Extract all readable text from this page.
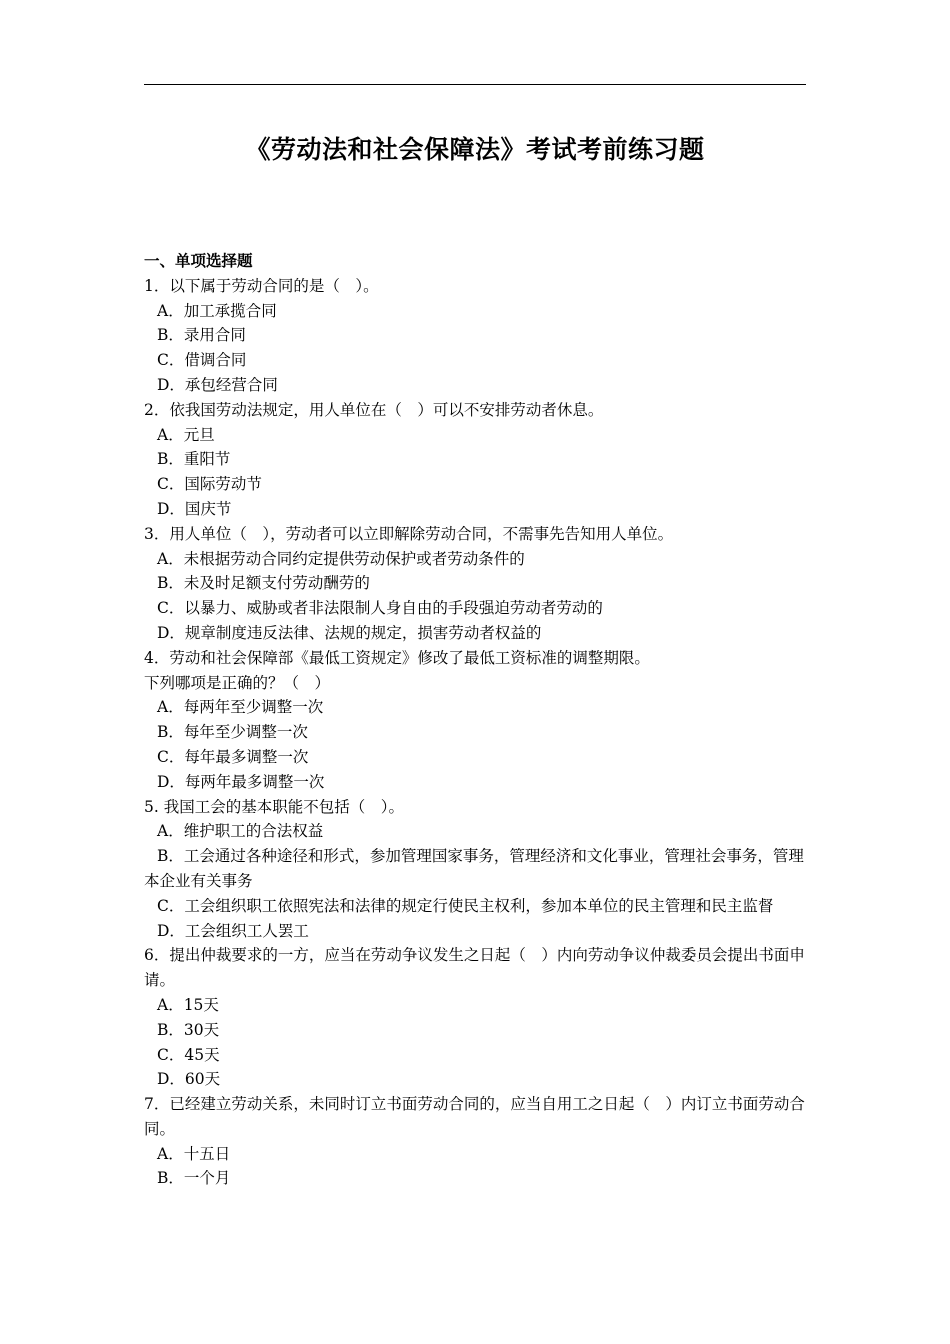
《劳动法和社会保障法》考试考前练习题
一、单项选择题
1．以下属于劳动合同的是（　）。
A．加工承揽合同
B．录用合同
C．借调合同
D．承包经营合同
2．依我国劳动法规定，用人单位在（　）可以不安排劳动者休息。
A．元旦
B．重阳节
C．国际劳动节
D．国庆节
3．用人单位（　），劳动者可以立即解除劳动合同，不需事先告知用人单位。
A．未根据劳动合同约定提供劳动保护或者劳动条件的
B．未及时足额支付劳动酬劳的
C．以暴力、威胁或者非法限制人身自由的手段强迫劳动者劳动的
D．规章制度违反法律、法规的规定，损害劳动者权益的
4．劳动和社会保障部《最低工资规定》修改了最低工资标准的调整期限。
下列哪项是正确的？（　）
A．每两年至少调整一次
B．每年至少调整一次
C．每年最多调整一次
D．每两年最多调整一次
5. 我国工会的基本职能不包括（　）。
A．维护职工的合法权益
B．工会通过各种途径和形式，参加管理国家事务，管理经济和文化事业，管理社会事务，管理本企业有关事务
C．工会组织职工依照宪法和法律的规定行使民主权利，参加本单位的民主管理和民主监督
D．工会组织工人罢工
6．提出仲裁要求的一方，应当在劳动争议发生之日起（　）内向劳动争议仲裁委员会提出书面申请。
A．15天
B．30天
C．45天
D．60天
7．已经建立劳动关系，未同时订立书面劳动合同的，应当自用工之日起（　）内订立书面劳动合同。
A．十五日
B．一个月
